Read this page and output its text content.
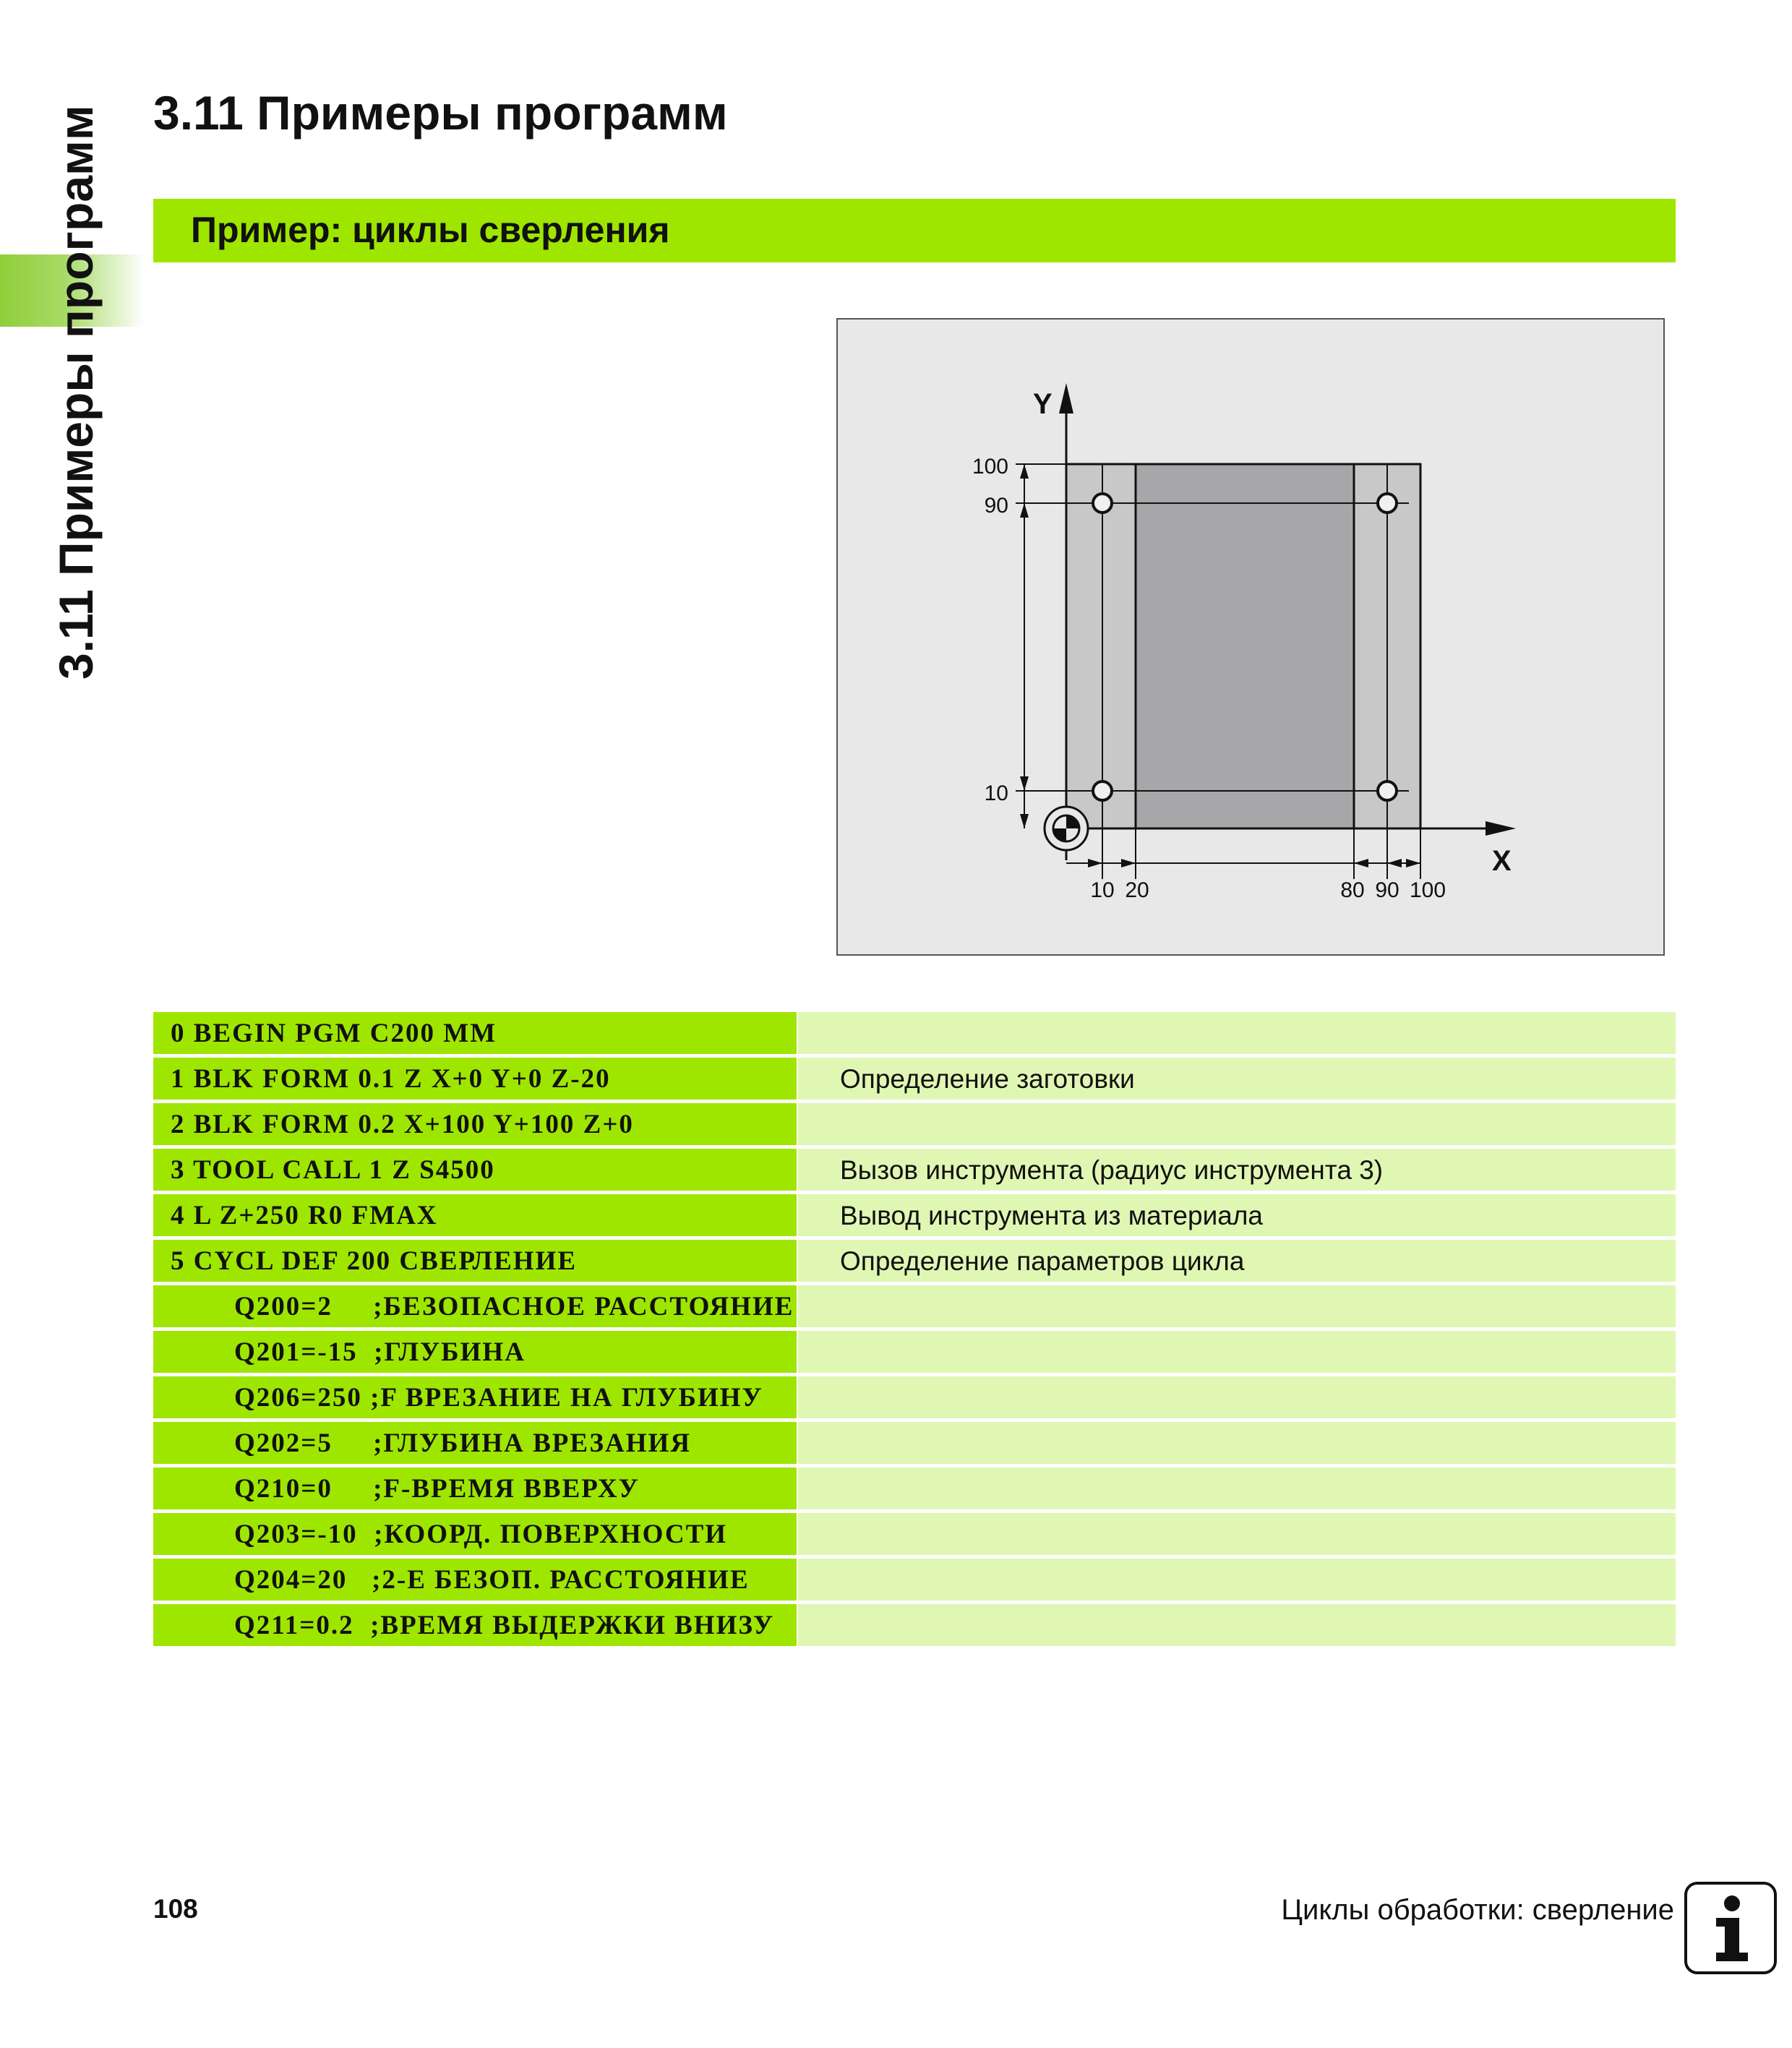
3.11 Примеры программ 3.11 Примеры программ
Пример: циклы сверления
Y
X
100
90
10
10 20	80 90 100
0 BEGIN PGM C200 MM
1 BLK FORM 0.1 Z X+0 Y+0 Z-20	Определение заготовки
2 BLK FORM 0.2 X+100 Y+100 Z+0
3 TOOL CALL 1 Z S4500	Вызов инструмента (радиус инструмента 3)
4 L Z+250 R0 FMAX	Вывод инструмента из материала
5 CYCL DEF 200 СВЕРЛЕНИЕ	Определение параметров цикла
Q200=2     ;БЕЗОПАСНОЕ РАССТОЯНИЕ
Q201=-15  ;ГЛУБИНА
Q206=250 ;F ВРЕЗАНИЕ НА ГЛУБИНУ
Q202=5     ;ГЛУБИНА ВРЕЗАНИЯ
Q210=0     ;F-ВРЕМЯ ВВЕРХУ
Q203=-10  ;КООРД. ПОВЕРХНОСТИ
Q204=20   ;2-Е БЕЗОП. РАССТОЯНИЕ
Q211=0.2  ;ВРЕМЯ ВЫДЕРЖКИ ВНИЗУ
108	Циклы обработки: сверление
